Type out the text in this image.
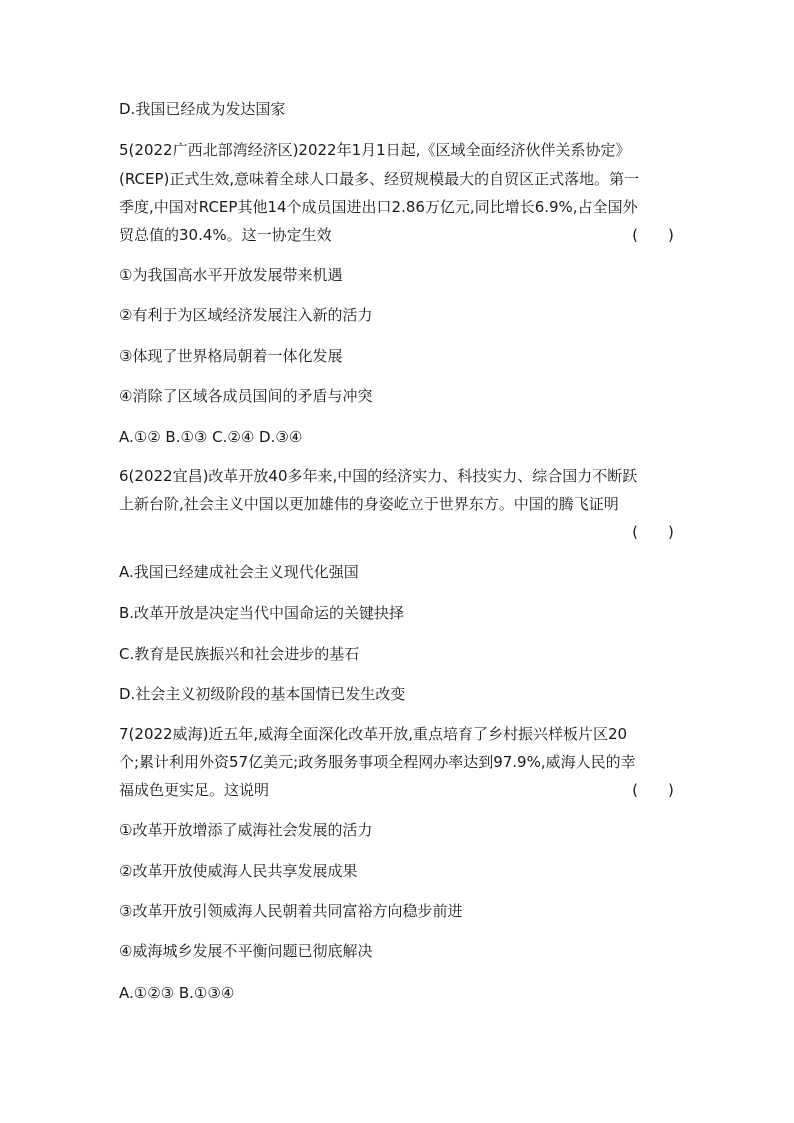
D.我国已经成为发达国家
5(2022广西北部湾经济区)2022年1月1日起,《区域全面经济伙伴关系协定》
(RCEP)正式生效,意味着全球人口最多、经贸规模最大的自贸区正式落地。第一
季度,中国对RCEP其他14个成员国进出口2.86万亿元,同比增长6.9%,占全国外
贸总值的30.4%。这一协定生效	(　　)
①为我国高水平开放发展带来机遇
②有利于为区域经济发展注入新的活力
③体现了世界格局朝着一体化发展
④消除了区域各成员国间的矛盾与冲突
A.①② B.①③ C.②④ D.③④
6(2022宜昌)改革开放40多年来,中国的经济实力、科技实力、综合国力不断跃
上新台阶,社会主义中国以更加雄伟的身姿屹立于世界东方。中国的腾飞证明
(　　)
A.我国已经建成社会主义现代化强国
B.改革开放是决定当代中国命运的关键抉择
C.教育是民族振兴和社会进步的基石
D.社会主义初级阶段的基本国情已发生改变
7(2022威海)近五年,威海全面深化改革开放,重点培育了乡村振兴样板片区20
个;累计利用外资57亿美元;政务服务事项全程网办率达到97.9%,威海人民的幸
福成色更实足。这说明	(　　)
①改革开放增添了威海社会发展的活力
②改革开放使威海人民共享发展成果
③改革开放引领威海人民朝着共同富裕方向稳步前进
④威海城乡发展不平衡问题已彻底解决
A.①②③ B.①③④
